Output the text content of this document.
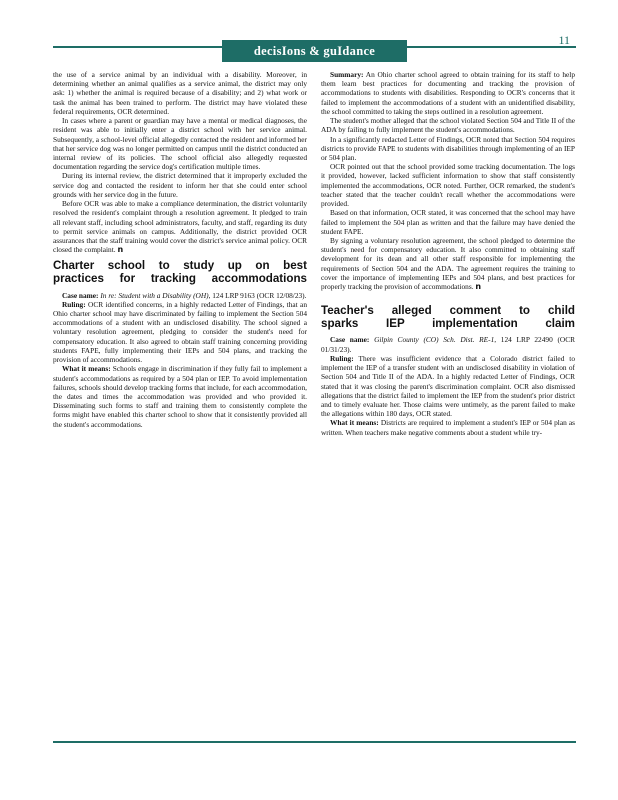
decisIons & guIdance
11

the use of a service animal by an individual with a disability. Moreover, in determining whether an animal qualifies as a service animal, the district may only ask: 1) whether the animal is required because of a disability; and 2) what work or task the animal has been trained to perform. The district may have violated these federal requirements, OCR determined.

In cases where a parent or guardian may have a mental or medical diagnoses, the resident was able to initially enter a district school with her service animal. Subsequently, a school-level official allegedly contacted the resident and informed her that her service dog was no longer permitted on campus until the district conducted an internal review of its policies. The school official also allegedly requested documentation regarding the service dog's certification multiple times.

During its internal review, the district determined that it improperly excluded the service dog and contacted the resident to inform her that she could enter school grounds with her service dog in the future.

Before OCR was able to make a compliance determination, the district voluntarily resolved the resident's complaint through a resolution agreement. It pledged to train all relevant staff, including school administrators, faculty, and staff, regarding its duty to permit service animals on campus. Additionally, the district provided OCR assurances that the staff training would cover the district's service animal policy. OCR closed the complaint. n

Charter school to study up on best
practices for tracking accommodations

Case name: In re: Student with a Disability (OH), 124 LRP 9163 (OCR 12/08/23).

Ruling: OCR identified concerns, in a highly redacted Letter of Findings, that an Ohio charter school may have discriminated by failing to implement the Section 504 accommodations of a student with an undisclosed disability. The school signed a voluntary resolution agreement, pledging to consider the student's need for compensatory education. It also agreed to obtain staff training concerning providing students FAPE, fully implementing their IEPs and 504 plans, and tracking the provision of accommodations.

What it means: Schools engage in discrimination if they fully fail to implement a student's accommodations as required by a 504 plan or IEP. To avoid implementation failures, schools should develop tracking forms that include, for each accommodation, the dates and times the accommodation was provided and who provided it. Disseminating such forms to staff and training them to consistently complete the forms might have enabled this charter school to show that it consistently provided all the student's accommodations.

Summary: An Ohio charter school agreed to obtain training for its staff to help them learn best practices for documenting and tracking the provision of accommodations to students with disabilities. Responding to OCR's concerns that it failed to implement the accommodations of a student with an unidentified disability, the school committed to taking the steps outlined in a resolution agreement.

The student's mother alleged that the school violated Section 504 and Title II of the ADA by failing to fully implement the student's accommodations.

In a significantly redacted Letter of Findings, OCR noted that Section 504 requires districts to provide FAPE to students with disabilities through implementing of an IEP or 504 plan.

OCR pointed out that the school provided some tracking documentation. The logs it provided, however, lacked sufficient information to show that staff consistently implemented the accommodations, OCR noted. Further, OCR remarked, the student's teacher stated that the teacher couldn't recall whether the accommodations were provided.

Based on that information, OCR stated, it was concerned that the school may have failed to implement the 504 plan as written and that the failure may have denied the student FAPE.

By signing a voluntary resolution agreement, the school pledged to determine the student's need for compensatory education. It also committed to obtaining staff development for its dean and all other staff responsible for implementing the requirements of Section 504 and the ADA. The agreement requires the training to cover the importance of implementing IEPs and 504 plans, and best practices for properly tracking the provision of accommodations. n

Teacher's alleged comment to child
sparks IEP implementation claim

Case name: Gilpin County (CO) Sch. Dist. RE-1, 124 LRP 22490 (OCR 01/31/23).

Ruling: There was insufficient evidence that a Colorado district failed to implement the IEP of a transfer student with an undisclosed disability in violation of Section 504 and Title II of the ADA. In a highly redacted Letter of Findings, OCR stated that it was closing the parent's discrimination complaint. OCR also dismissed allegations that the district failed to implement the IEP from the student's prior district and to timely evaluate her. Those claims were untimely, as the parent failed to make the allegations within 180 days, OCR stated.

What it means: Districts are required to implement a student's IEP or 504 plan as written. When teachers make negative comments about a student while try-
